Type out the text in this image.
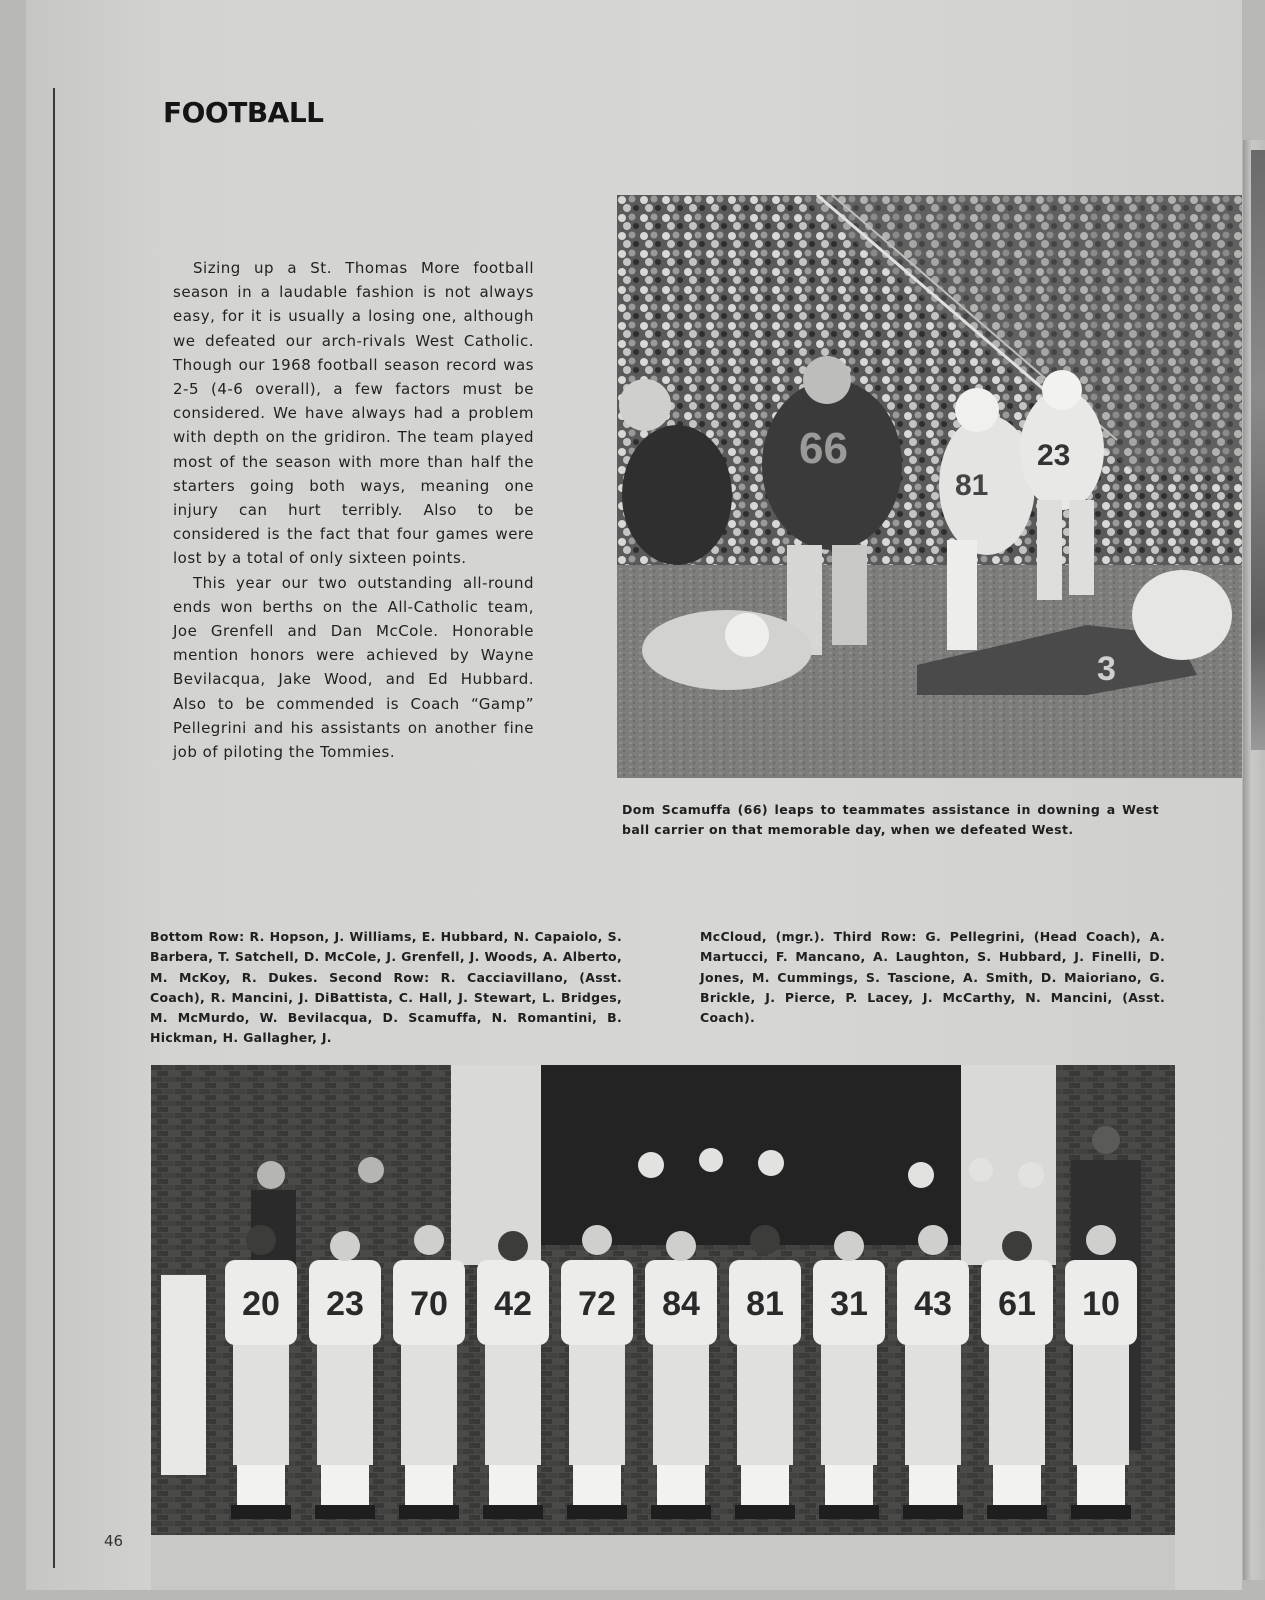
FOOTBALL

Sizing up a St. Thomas More football season in a laudable fashion is not always easy, for it is usually a losing one, although we defeated our arch-rivals West Catholic. Though our 1968 football season record was 2-5 (4-6 overall), a few factors must be considered. We have always had a problem with depth on the gridiron. The team played most of the season with more than half the starters going both ways, meaning one injury can hurt terribly. Also to be considered is the fact that four games were lost by a total of only sixteen points.

This year our two outstanding all-round ends won berths on the All-Catholic team, Joe Grenfell and Dan McCole. Honorable mention honors were achieved by Wayne Bevilacqua, Jake Wood, and Ed Hubbard. Also to be commended is Coach “Gamp” Pellegrini and his assistants on another fine job of piloting the Tommies.

46
66
81
23
3
Dom Scamuffa (66) leaps to teammates assistance in downing a West ball carrier on that memorable day, when we defeated West.
Bottom Row: R. Hopson, J. Williams, E. Hubbard, N. Capaiolo, S. Barbera, T. Satchell, D. McCole, J. Grenfell, J. Woods, A. Alberto, M. McKoy, R. Dukes. Second Row: R. Cacciavillano, (Asst. Coach), R. Mancini, J. DiBattista, C. Hall, J. Stewart, L. Bridges, M. McMurdo, W. Bevilacqua, D. Scamuffa, N. Romantini, B. Hickman, H. Gallagher, J.
McCloud, (mgr.). Third Row: G. Pellegrini, (Head Coach), A. Martucci, F. Mancano, A. Laughton, S. Hubbard, J. Finelli, D. Jones, M. Cummings, S. Tascione, A. Smith, D. Maioriano, G. Brickle, J. Pierce, P. Lacey, J. McCarthy, N. Mancini, (Asst. Coach).
20 23 70 42 72 84 81 31 43 61 10
